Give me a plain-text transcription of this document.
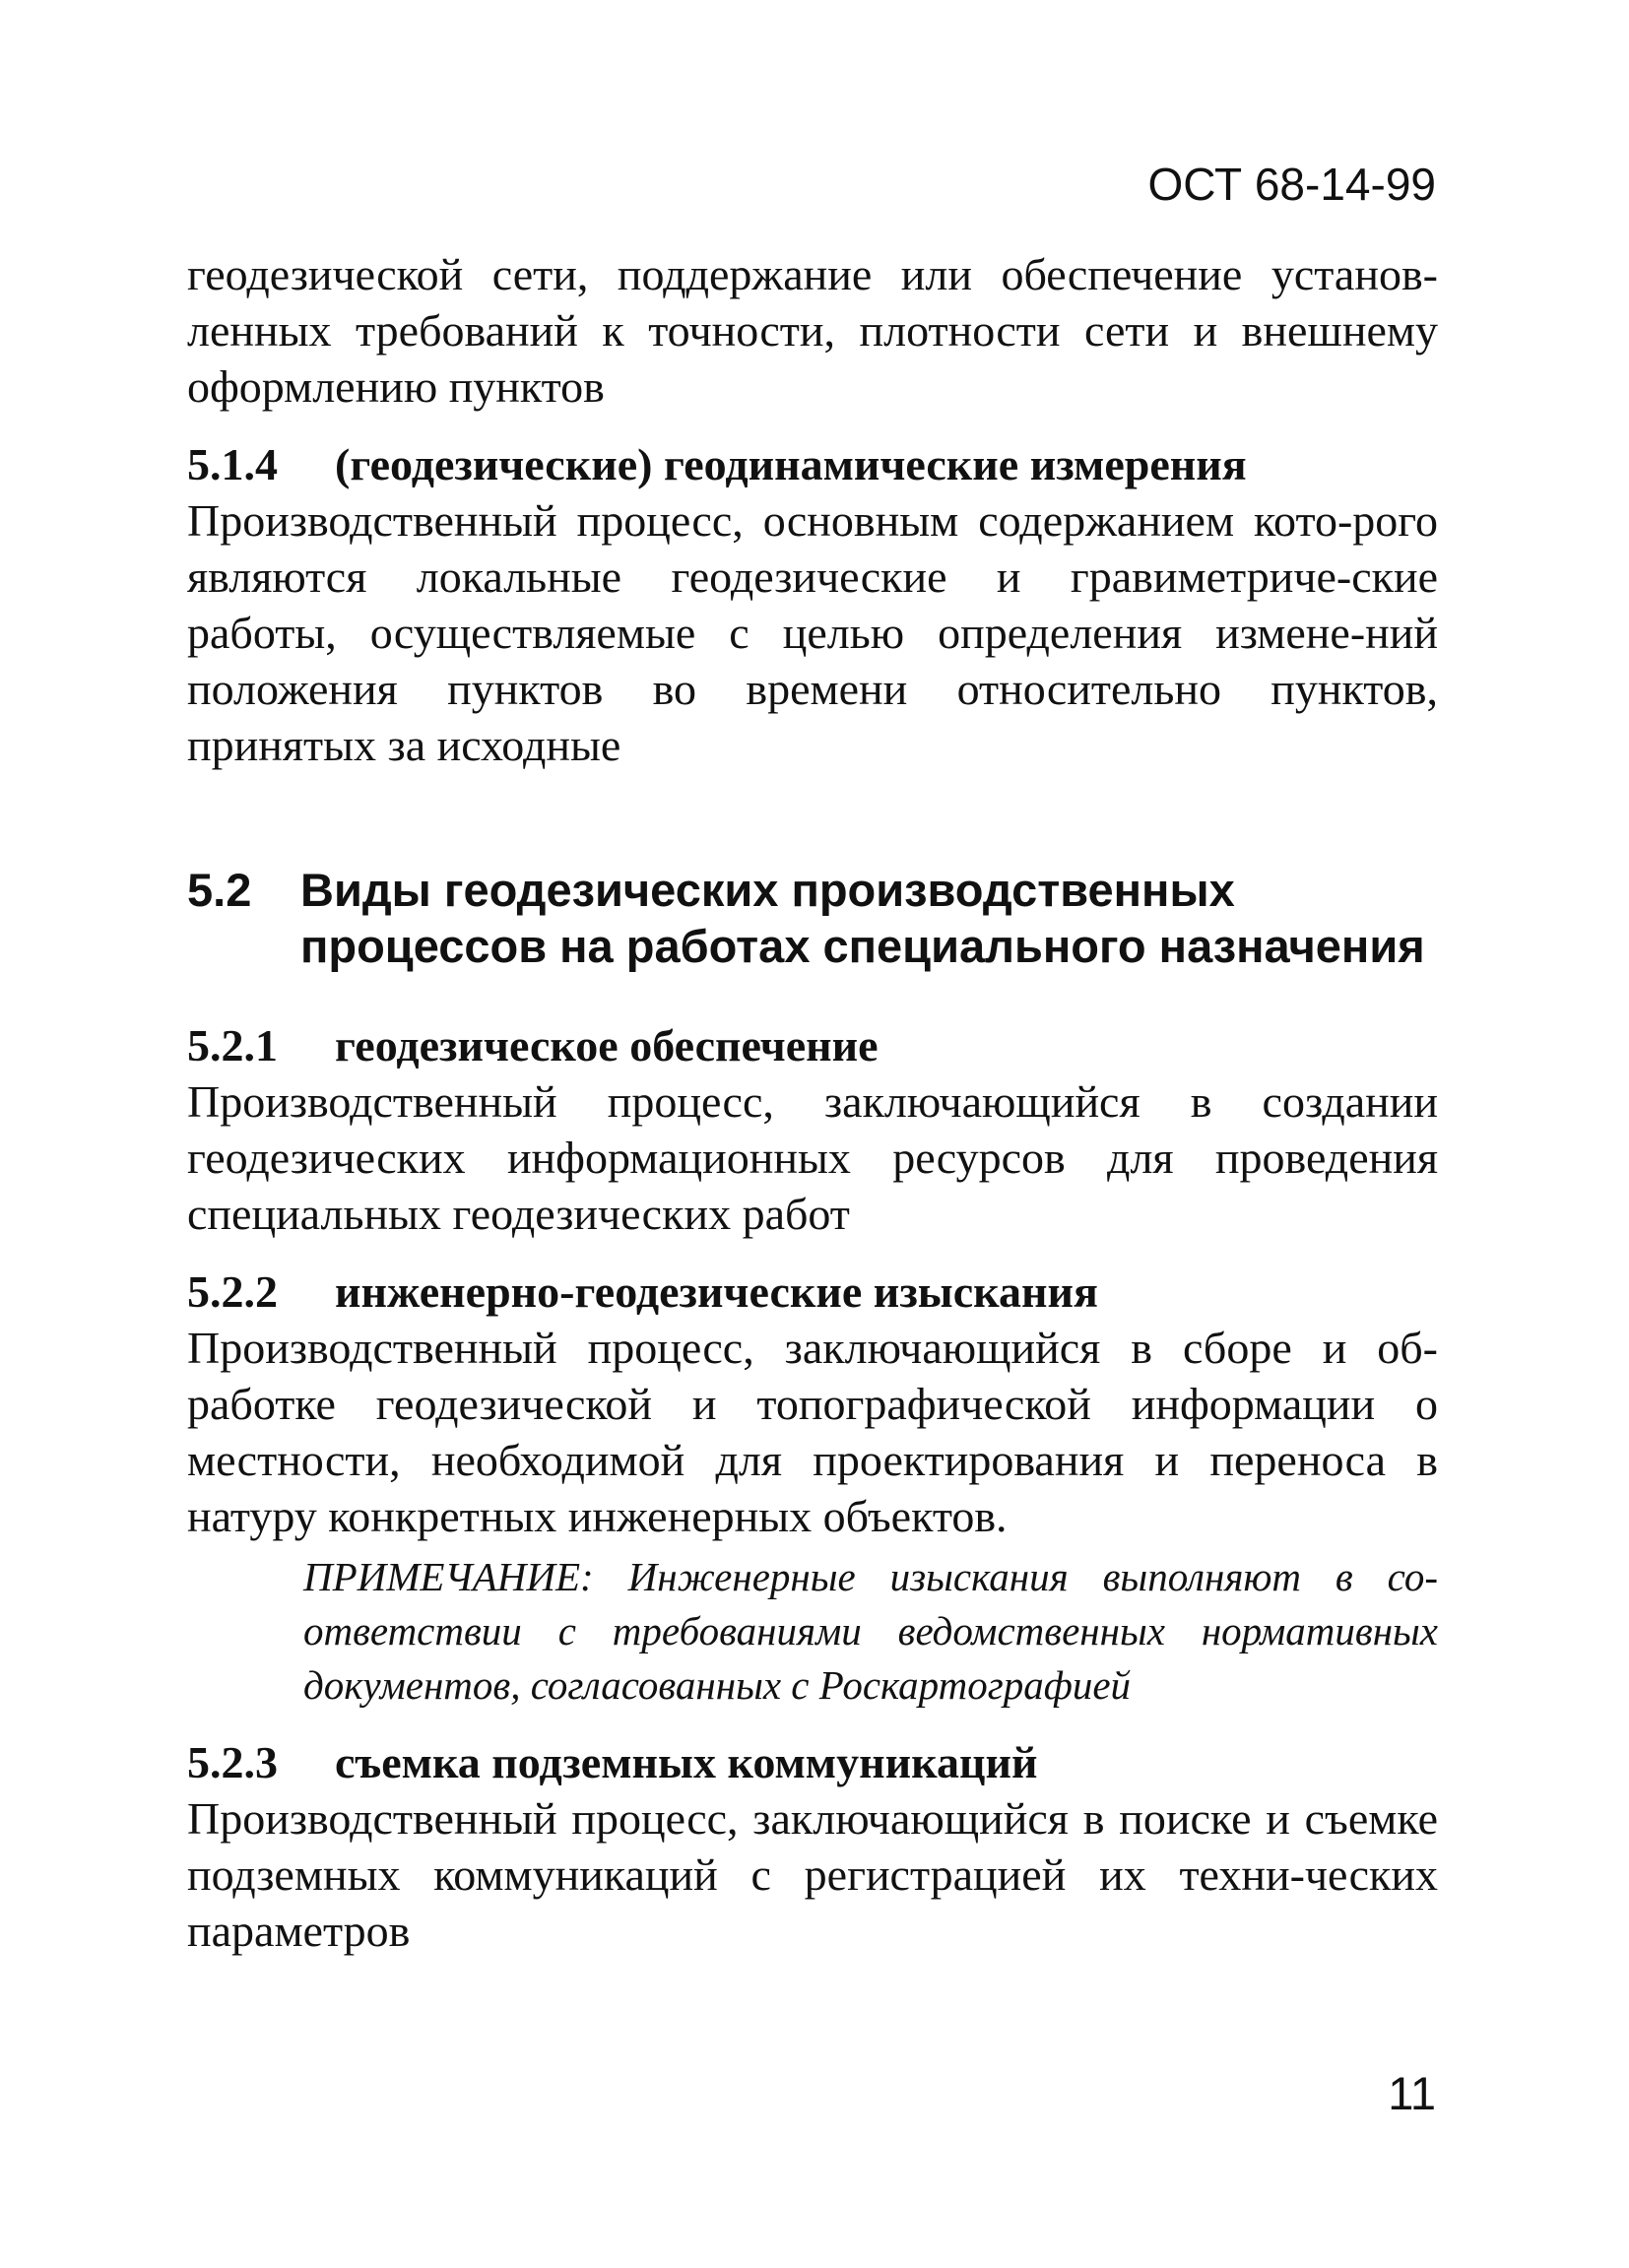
ОСТ 68-14-99

геодезической сети, поддержание или обеспечение установ-ленных требований к точности, плотности сети и внешнему оформлению пунктов

5.1.4 (геодезические) геодинамические измерения

Производственный процесс, основным содержанием кото-рого являются локальные геодезические и гравиметриче-ские работы, осуществляемые с целью определения измене-ний положения пунктов во времени относительно пунктов, принятых за исходные

5.2 Виды геодезических производственных процессов на работах специального назначения
5.2.1 геодезическое обеспечение

Производственный процесс, заключающийся в создании геодезических информационных ресурсов для проведения специальных геодезических работ

5.2.2 инженерно-геодезические изыскания

Производственный процесс, заключающийся в сборе и об-работке геодезической и топографической информации о местности, необходимой для проектирования и переноса в натуру конкретных инженерных объектов.

ПРИМЕЧАНИЕ: Инженерные изыскания выполняют в со-ответствии с требованиями ведомственных нормативных документов, согласованных с Роскартографией

5.2.3 съемка подземных коммуникаций

Производственный процесс, заключающийся в поиске и съемке подземных коммуникаций с регистрацией их техни-ческих параметров

11
